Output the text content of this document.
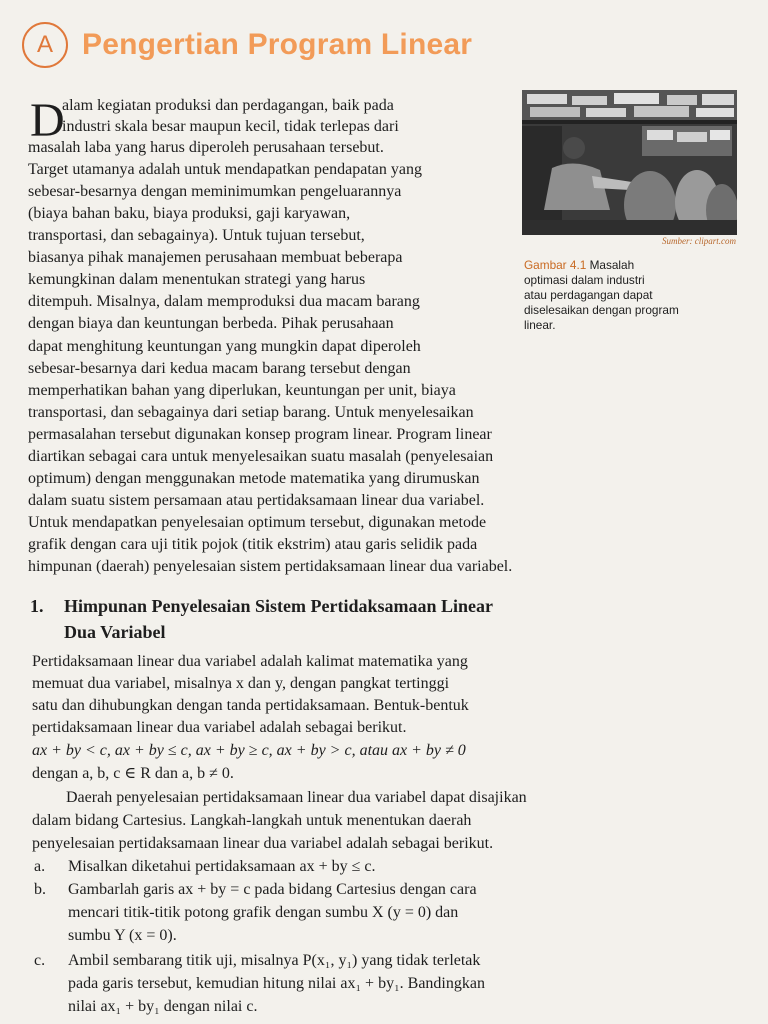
A Pengertian Program Linear
Sumber: clipart.com
Gambar 4.1 Masalah
optimasi dalam industri
atau perdagangan dapat
diselesaikan dengan program
linear.
D
alam kegiatan produksi dan perdagangan, baik pada
industri skala besar maupun kecil, tidak terlepas dari
masalah laba yang harus diperoleh perusahaan tersebut.
Target utamanya adalah untuk mendapatkan pendapatan yang
sebesar-besarnya dengan meminimumkan pengeluarannya
(biaya bahan baku, biaya produksi, gaji karyawan,
transportasi, dan sebagainya). Untuk tujuan tersebut,
biasanya pihak manajemen perusahaan membuat beberapa
kemungkinan dalam menentukan strategi yang harus
ditempuh. Misalnya, dalam memproduksi dua macam barang
dengan biaya dan keuntungan berbeda. Pihak perusahaan
dapat menghitung keuntungan yang mungkin dapat diperoleh
sebesar-besarnya dari kedua macam barang tersebut dengan
memperhatikan bahan yang diperlukan, keuntungan per unit, biaya
transportasi, dan sebagainya dari setiap barang. Untuk menyelesaikan
permasalahan tersebut digunakan konsep program linear. Program linear
diartikan sebagai cara untuk menyelesaikan suatu masalah (penyelesaian
optimum) dengan menggunakan metode matematika yang dirumuskan
dalam suatu sistem persamaan atau pertidaksamaan linear dua variabel.
Untuk mendapatkan penyelesaian optimum tersebut, digunakan metode
grafik dengan cara uji titik pojok (titik ekstrim) atau garis selidik pada
himpunan (daerah) penyelesaian sistem pertidaksamaan linear dua variabel.
1. Himpunan Penyelesaian Sistem Pertidaksamaan Linear
Dua Variabel
Pertidaksamaan linear dua variabel adalah kalimat matematika yang
memuat dua variabel, misalnya x dan y, dengan pangkat tertinggi
satu dan dihubungkan dengan tanda pertidaksamaan. Bentuk-bentuk
pertidaksamaan linear dua variabel adalah sebagai berikut.
ax + by < c, ax + by ≤ c, ax + by ≥ c, ax + by > c, atau ax + by ≠ 0
dengan a, b, c ∈ R dan a, b ≠ 0.
Daerah penyelesaian pertidaksamaan linear dua variabel dapat disajikan
dalam bidang Cartesius. Langkah-langkah untuk menentukan daerah
penyelesaian pertidaksamaan linear dua variabel adalah sebagai berikut.
a. Misalkan diketahui pertidaksamaan ax + by ≤ c.
b. Gambarlah garis ax + by = c pada bidang Cartesius dengan cara
mencari titik-titik potong grafik dengan sumbu X (y = 0) dan
sumbu Y (x = 0).
c. Ambil sembarang titik uji, misalnya P(x₁, y₁) yang tidak terletak
pada garis tersebut, kemudian hitung nilai ax₁ + by₁. Bandingkan
nilai ax₁ + by₁ dengan nilai c.
